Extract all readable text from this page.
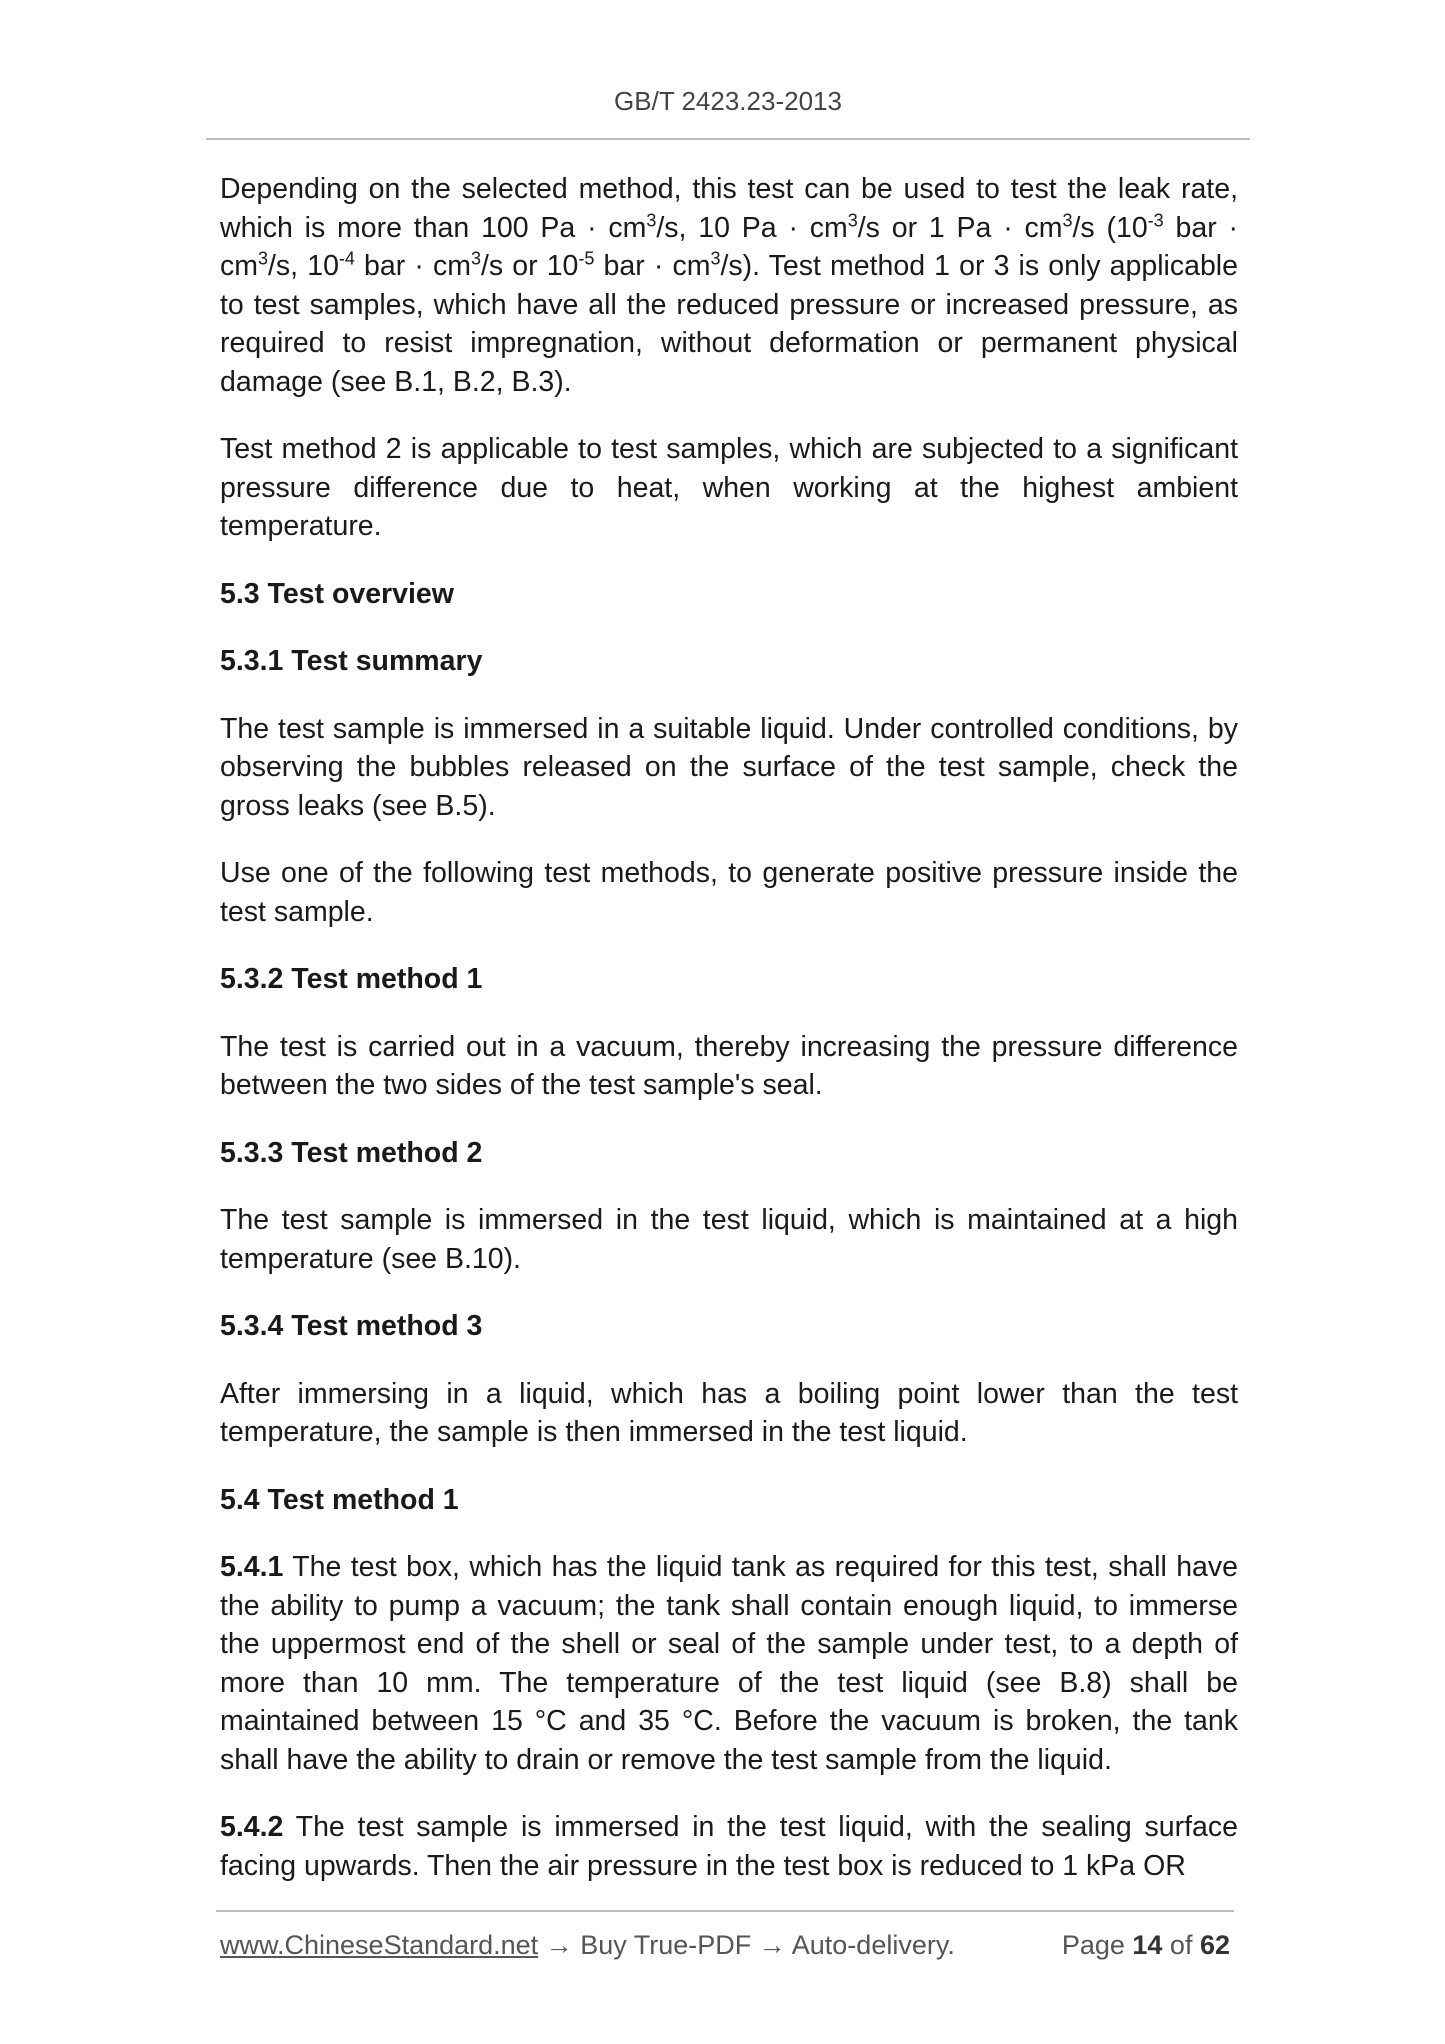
GB/T 2423.23-2013

Depending on the selected method, this test can be used to test the leak rate, which is more than 100 $Pa \cdot cm^3/s$, 10 $Pa \cdot cm^3/s$ or 1 $Pa \cdot cm^3/s$ ($10^{-3}$ bar · $cm^3/s$, $10^{-4}$ bar · $cm^3/s$ or $10^{-5}$ bar · $cm^3/s$). Test method 1 or 3 is only applicable to test samples, which have all the reduced pressure or increased pressure, as required to resist impregnation, without deformation or permanent physical damage (see B.1, B.2, B.3).

Test method 2 is applicable to test samples, which are subjected to a significant pressure difference due to heat, when working at the highest ambient temperature.

5.3 Test overview

5.3.1 Test summary

The test sample is immersed in a suitable liquid. Under controlled conditions, by observing the bubbles released on the surface of the test sample, check the gross leaks (see B.5).

Use one of the following test methods, to generate positive pressure inside the test sample.

5.3.2 Test method 1

The test is carried out in a vacuum, thereby increasing the pressure difference between the two sides of the test sample's seal.

5.3.3 Test method 2

The test sample is immersed in the test liquid, which is maintained at a high temperature (see B.10).

5.3.4 Test method 3

After immersing in a liquid, which has a boiling point lower than the test temperature, the sample is then immersed in the test liquid.

5.4 Test method 1

5.4.1 The test box, which has the liquid tank as required for this test, shall have the ability to pump a vacuum; the tank shall contain enough liquid, to immerse the uppermost end of the shell or seal of the sample under test, to a depth of more than 10 mm. The temperature of the test liquid (see B.8) shall be maintained between 15 °C and 35 °C. Before the vacuum is broken, the tank shall have the ability to drain or remove the test sample from the liquid.

5.4.2 The test sample is immersed in the test liquid, with the sealing surface facing upwards. Then the air pressure in the test box is reduced to 1 kPa OR

www.ChineseStandard.net → Buy True-PDF → Auto-delivery.	Page 14 of 62
